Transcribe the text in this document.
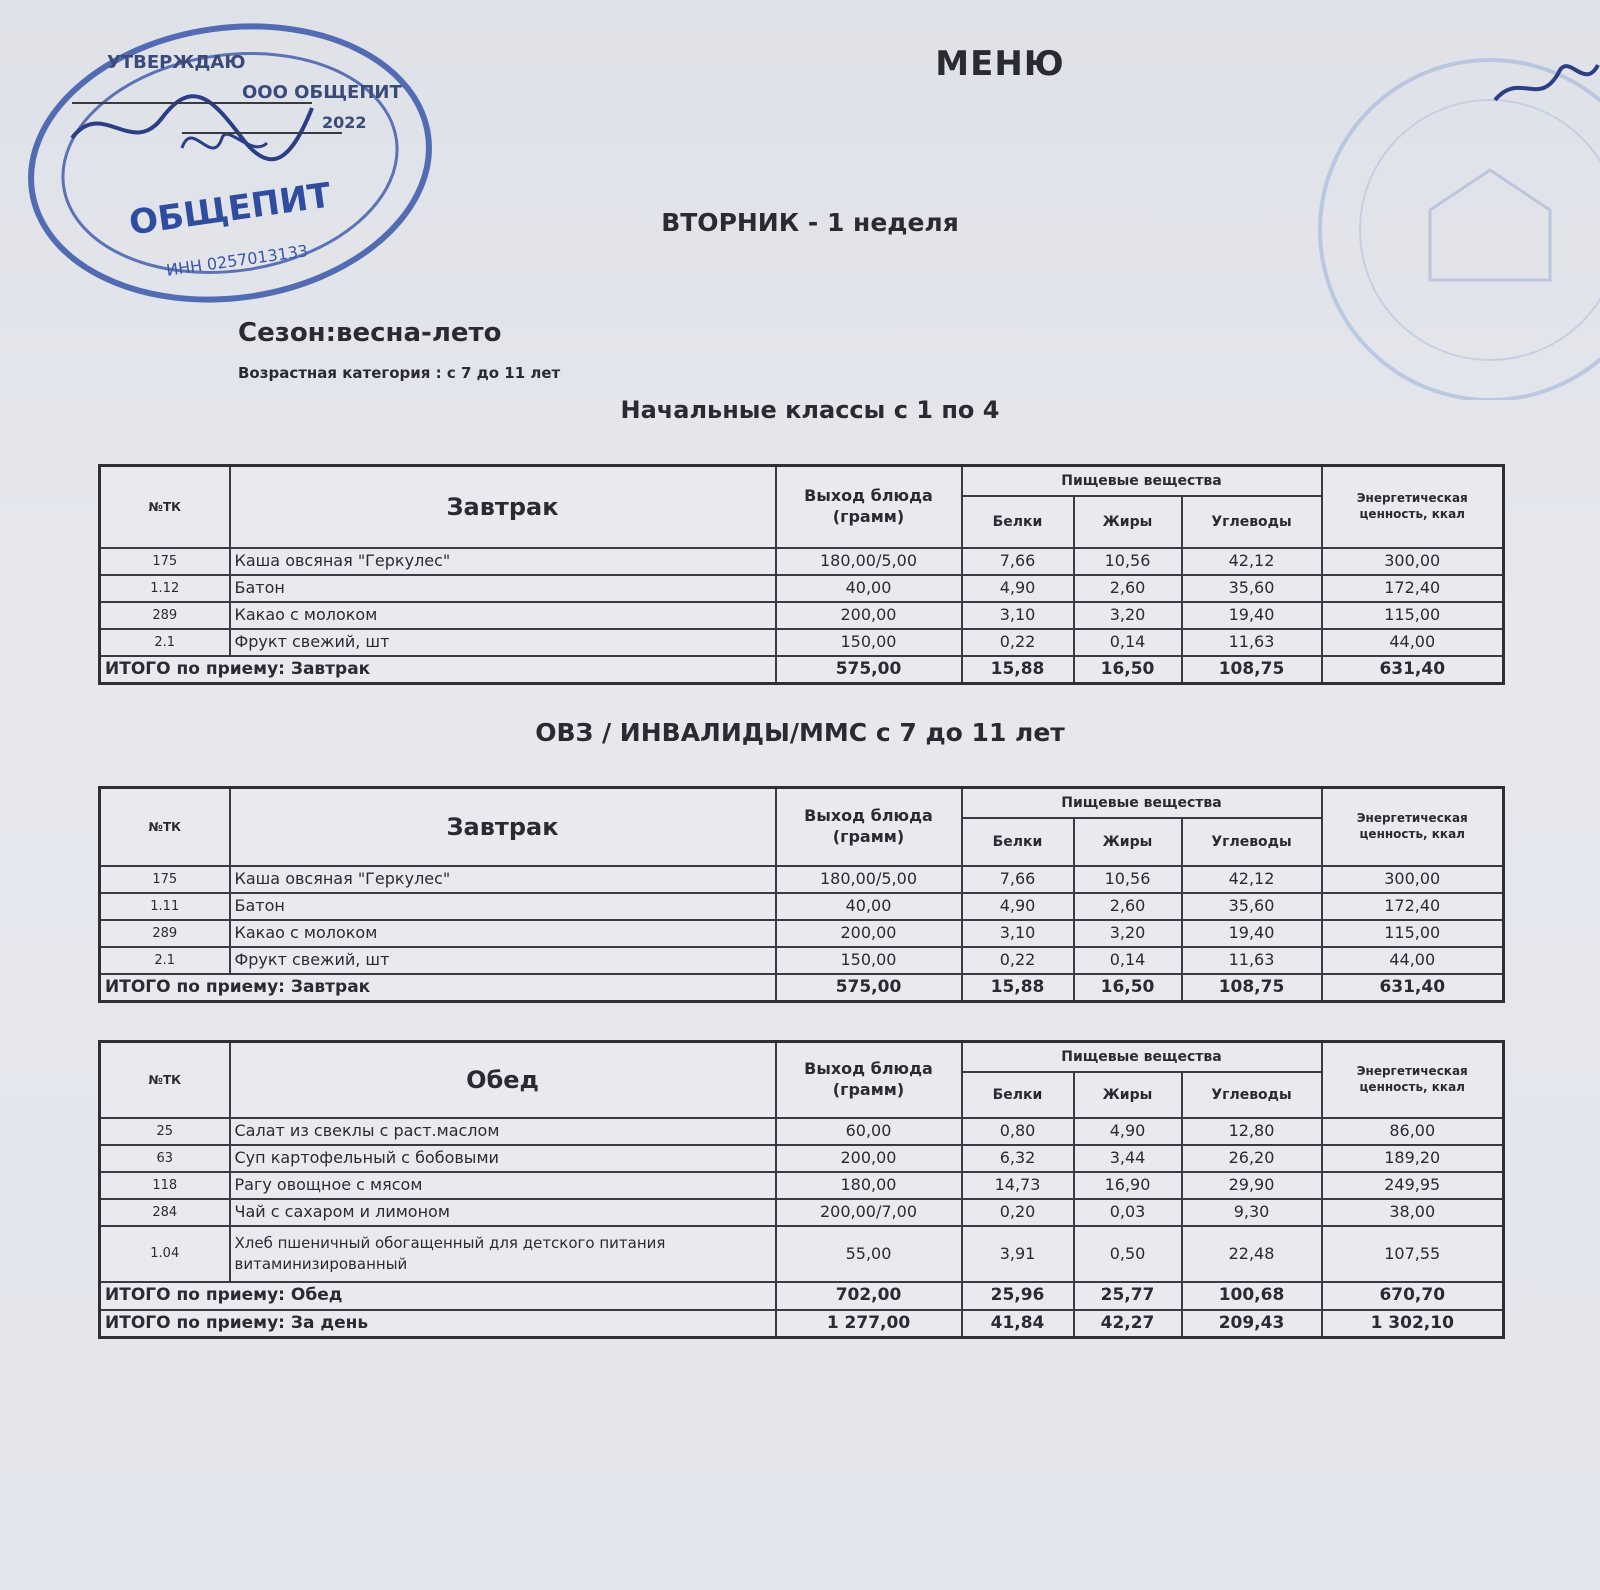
ОБЩЕПИТ
УТВЕРЖДАЮ
ООО ОБЩЕПИТ
2022
ИНН 0257013133
МЕНЮ
ВТОРНИК - 1 неделя
Сезон:весна-лето
Возрастная категория : с 7 до 11 лет
Начальные классы с 1 по 4
№ТК	Завтрак	Выход блюда (грамм)	Пищевые вещества			Энергетическая ценность, ккал
			Белки	Жиры	Углеводы	
175	Каша овсяная "Геркулес"	180,00/5,00	7,66	10,56	42,12	300,00
1.12	Батон	40,00	4,90	2,60	35,60	172,40
289	Какао с молоком	200,00	3,10	3,20	19,40	115,00
2.1	Фрукт свежий, шт	150,00	0,22	0,14	11,63	44,00
ИТОГО по приему: Завтрак		575,00	15,88	16,50	108,75	631,40
ОВЗ / ИНВАЛИДЫ/ММС с 7 до 11 лет
№ТК	Завтрак	Выход блюда (грамм)	Пищевые вещества			Энергетическая ценность, ккал
			Белки	Жиры	Углеводы	
175	Каша овсяная "Геркулес"	180,00/5,00	7,66	10,56	42,12	300,00
1.11	Батон	40,00	4,90	2,60	35,60	172,40
289	Какао с молоком	200,00	3,10	3,20	19,40	115,00
2.1	Фрукт свежий, шт	150,00	0,22	0,14	11,63	44,00
ИТОГО по приему: Завтрак		575,00	15,88	16,50	108,75	631,40
№ТК	Обед	Выход блюда (грамм)	Пищевые вещества			Энергетическая ценность, ккал
			Белки	Жиры	Углеводы	
25	Салат из свеклы с раст.маслом	60,00	0,80	4,90	12,80	86,00
63	Суп картофельный с бобовыми	200,00	6,32	3,44	26,20	189,20
118	Рагу овощное с мясом	180,00	14,73	16,90	29,90	249,95
284	Чай с сахаром и лимоном	200,00/7,00	0,20	0,03	9,30	38,00
1.04	Хлеб пшеничный обогащенный для детского питания витаминизированный	55,00	3,91	0,50	22,48	107,55
ИТОГО по приему: Обед		702,00	25,96	25,77	100,68	670,70
ИТОГО по приему: За день		1 277,00	41,84	42,27	209,43	1 302,10
